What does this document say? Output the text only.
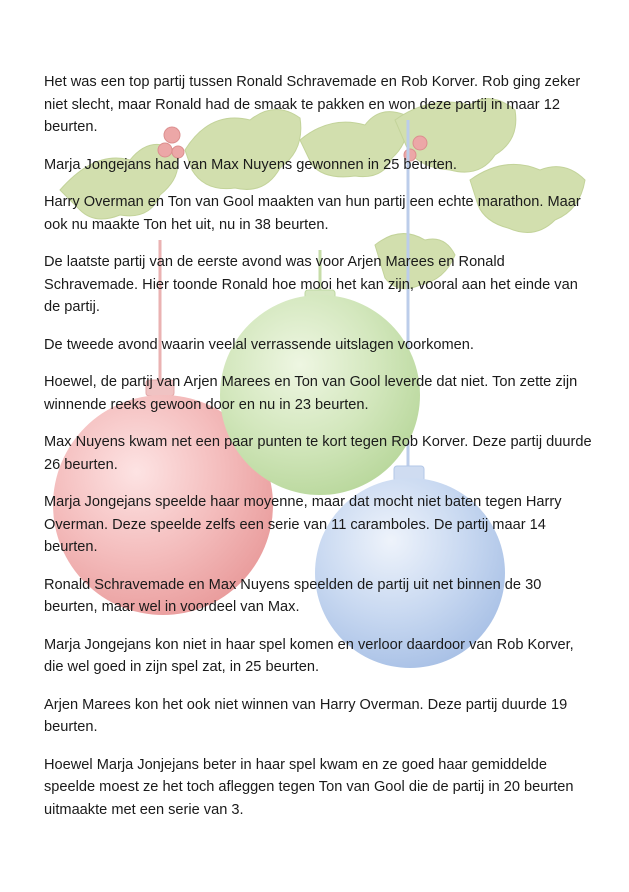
Het was een top partij tussen Ronald Schravemade en Rob Korver. Rob ging zeker niet slecht, maar Ronald had de smaak te pakken en won deze partij in maar 12 beurten.

Marja Jongejans had van Max Nuyens gewonnen in 25 beurten.

Harry Overman en Ton van Gool maakten van hun partij een echte marathon. Maar ook nu maakte Ton het uit, nu in 38 beurten.

De laatste partij van de eerste avond was voor Arjen Marees en Ronald Schravemade. Hier toonde Ronald hoe mooi het kan zijn, vooral aan het einde van de partij.

De tweede avond waarin veelal verrassende uitslagen voorkomen.

Hoewel, de partij van Arjen Marees en Ton van Gool leverde dat niet. Ton zette zijn winnende reeks gewoon door en nu in 23 beurten.

Max Nuyens kwam net een paar punten te kort tegen Rob Korver. Deze partij duurde 26 beurten.

Marja Jongejans speelde haar moyenne, maar dat mocht niet baten tegen Harry Overman. Deze speelde zelfs een serie van 11 caramboles. De partij maar 14 beurten.

Ronald Schravemade en Max Nuyens speelden de partij uit net binnen de 30 beurten, maar wel in voordeel van Max.

Marja Jongejans kon niet in haar spel komen en verloor daardoor van Rob Korver, die wel goed in zijn spel zat, in 25 beurten.

Arjen Marees kon het ook niet winnen van Harry Overman. Deze partij duurde 19 beurten.

Hoewel Marja Jonjejans beter in haar spel kwam en ze goed haar gemiddelde speelde moest ze het toch afleggen tegen Ton van Gool die de partij in 20 beurten uitmaakte met een serie van 3.
